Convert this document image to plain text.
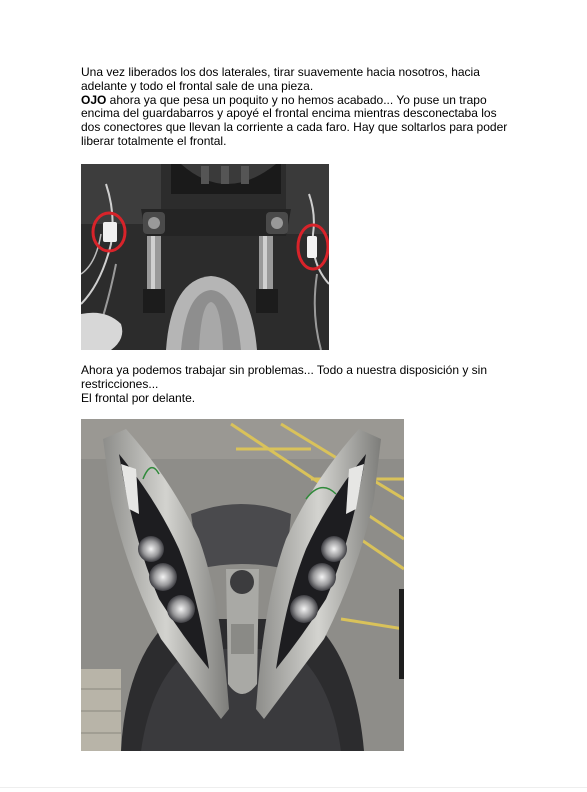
Una vez liberados los dos laterales, tirar suavemente hacia nosotros, hacia adelante y todo el frontal sale de una pieza.

OJO ahora ya que pesa un poquito y no hemos acabado... Yo puse un trapo encima del guardabarros y apoyé el frontal encima mientras desconectaba los dos conectores que llevan la corriente a cada faro. Hay que soltarlos para poder liberar totalmente el frontal.

Ahora ya podemos trabajar sin problemas... Todo a nuestra disposición y sin restricciones...

El frontal por delante.
